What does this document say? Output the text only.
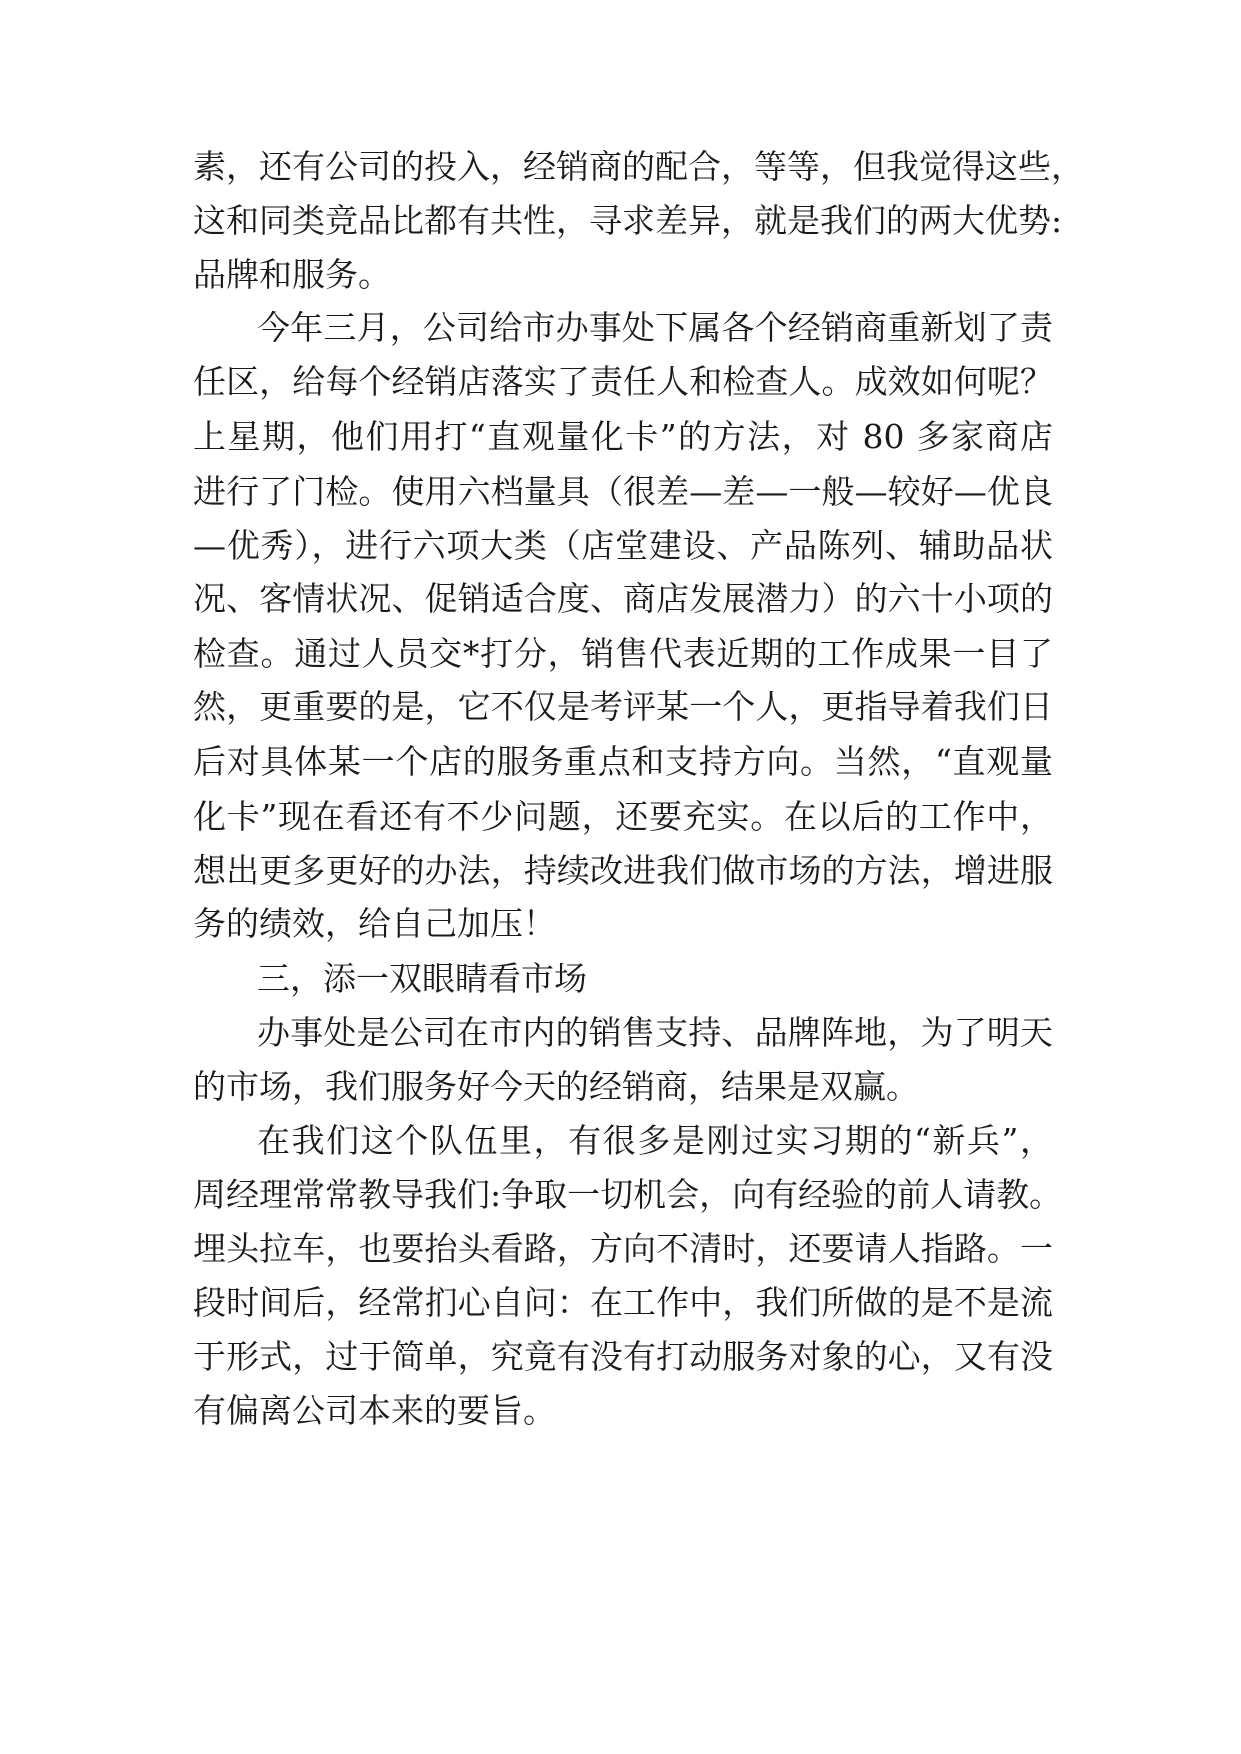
素，还有公司的投入，经销商的配合，等等，但我觉得这些，
这和同类竞品比都有共性，寻求差异，就是我们的两大优势:
品牌和服务。
今年三月，公司给市办事处下属各个经销商重新划了责
任区，给每个经销店落实了责任人和检查人。成效如何呢？
上星期，他们用打“直观量化卡”的方法，对 80 多家商店
进行了门检。使用六档量具（很差—差—一般—较好—优良
—优秀），进行六项大类（店堂建设、产品陈列、辅助品状
况、客情状况、促销适合度、商店发展潜力）的六十小项的
检查。通过人员交*打分，销售代表近期的工作成果一目了
然，更重要的是，它不仅是考评某一个人，更指导着我们日
后对具体某一个店的服务重点和支持方向。当然，“直观量
化卡”现在看还有不少问题，还要充实。在以后的工作中，
想出更多更好的办法，持续改进我们做市场的方法，增进服
务的绩效，给自己加压！
三，添一双眼睛看市场
办事处是公司在市内的销售支持、品牌阵地，为了明天
的市场，我们服务好今天的经销商，结果是双赢。
在我们这个队伍里，有很多是刚过实习期的“新兵”，
周经理常常教导我们:争取一切机会，向有经验的前人请教。
埋头拉车，也要抬头看路，方向不清时，还要请人指路。一
段时间后，经常扪心自问：在工作中，我们所做的是不是流
于形式，过于简单，究竟有没有打动服务对象的心，又有没
有偏离公司本来的要旨。
